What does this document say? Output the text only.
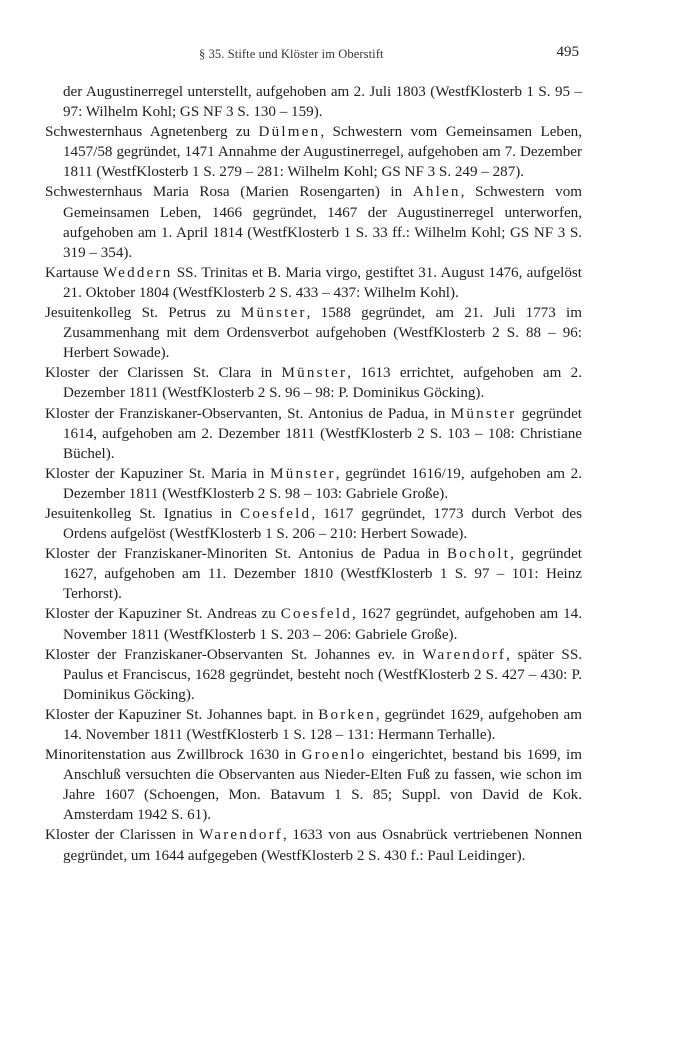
§ 35. Stifte und Klöster im Oberstift	495
der Augustinerregel unterstellt, aufgehoben am 2. Juli 1803 (WestfKlosterb 1 S. 95 – 97: Wilhelm Kohl; GS NF 3 S. 130 – 159).
Schwesternhaus Agnetenberg zu Dülmen, Schwestern vom Gemeinsamen Leben, 1457/58 gegründet, 1471 Annahme der Augustinerregel, aufgehoben am 7. Dezember 1811 (WestfKlosterb 1 S. 279 – 281: Wilhelm Kohl; GS NF 3 S. 249 – 287).
Schwesternhaus Maria Rosa (Marien Rosengarten) in Ahlen, Schwestern vom Gemeinsamen Leben, 1466 gegründet, 1467 der Augustinerregel unterworfen, aufgehoben am 1. April 1814 (WestfKlosterb 1 S. 33 ff.: Wilhelm Kohl; GS NF 3 S. 319 – 354).
Kartause Weddern SS. Trinitas et B. Maria virgo, gestiftet 31. August 1476, aufgelöst 21. Oktober 1804 (WestfKlosterb 2 S. 433 – 437: Wilhelm Kohl).
Jesuitenkolleg St. Petrus zu Münster, 1588 gegründet, am 21. Juli 1773 im Zusammenhang mit dem Ordensverbot aufgehoben (WestfKlosterb 2 S. 88 – 96: Herbert Sowade).
Kloster der Clarissen St. Clara in Münster, 1613 errichtet, aufgehoben am 2. Dezember 1811 (WestfKlosterb 2 S. 96 – 98: P. Dominikus Göcking).
Kloster der Franziskaner-Observanten, St. Antonius de Padua, in Münster gegründet 1614, aufgehoben am 2. Dezember 1811 (WestfKlosterb 2 S. 103 – 108: Christiane Büchel).
Kloster der Kapuziner St. Maria in Münster, gegründet 1616/19, aufgehoben am 2. Dezember 1811 (WestfKlosterb 2 S. 98 – 103: Gabriele Große).
Jesuitenkolleg St. Ignatius in Coesfeld, 1617 gegründet, 1773 durch Verbot des Ordens aufgelöst (WestfKlosterb 1 S. 206 – 210: Herbert Sowade).
Kloster der Franziskaner-Minoriten St. Antonius de Padua in Bocholt, gegründet 1627, aufgehoben am 11. Dezember 1810 (WestfKlosterb 1 S. 97 – 101: Heinz Terhorst).
Kloster der Kapuziner St. Andreas zu Coesfeld, 1627 gegründet, aufgehoben am 14. November 1811 (WestfKlosterb 1 S. 203 – 206: Gabriele Große).
Kloster der Franziskaner-Observanten St. Johannes ev. in Warendorf, später SS. Paulus et Franciscus, 1628 gegründet, besteht noch (WestfKlosterb 2 S. 427 – 430: P. Dominikus Göcking).
Kloster der Kapuziner St. Johannes bapt. in Borken, gegründet 1629, aufgehoben am 14. November 1811 (WestfKlosterb 1 S. 128 – 131: Hermann Terhalle).
Minoritenstation aus Zwillbrock 1630 in Groenlo eingerichtet, bestand bis 1699, im Anschluß versuchten die Observanten aus Nieder-Elten Fuß zu fassen, wie schon im Jahre 1607 (Schoengen, Mon. Batavum 1 S. 85; Suppl. von David de Kok. Amsterdam 1942 S. 61).
Kloster der Clarissen in Warendorf, 1633 von aus Osnabrück vertriebenen Nonnen gegründet, um 1644 aufgegeben (WestfKlosterb 2 S. 430 f.: Paul Leidinger).
